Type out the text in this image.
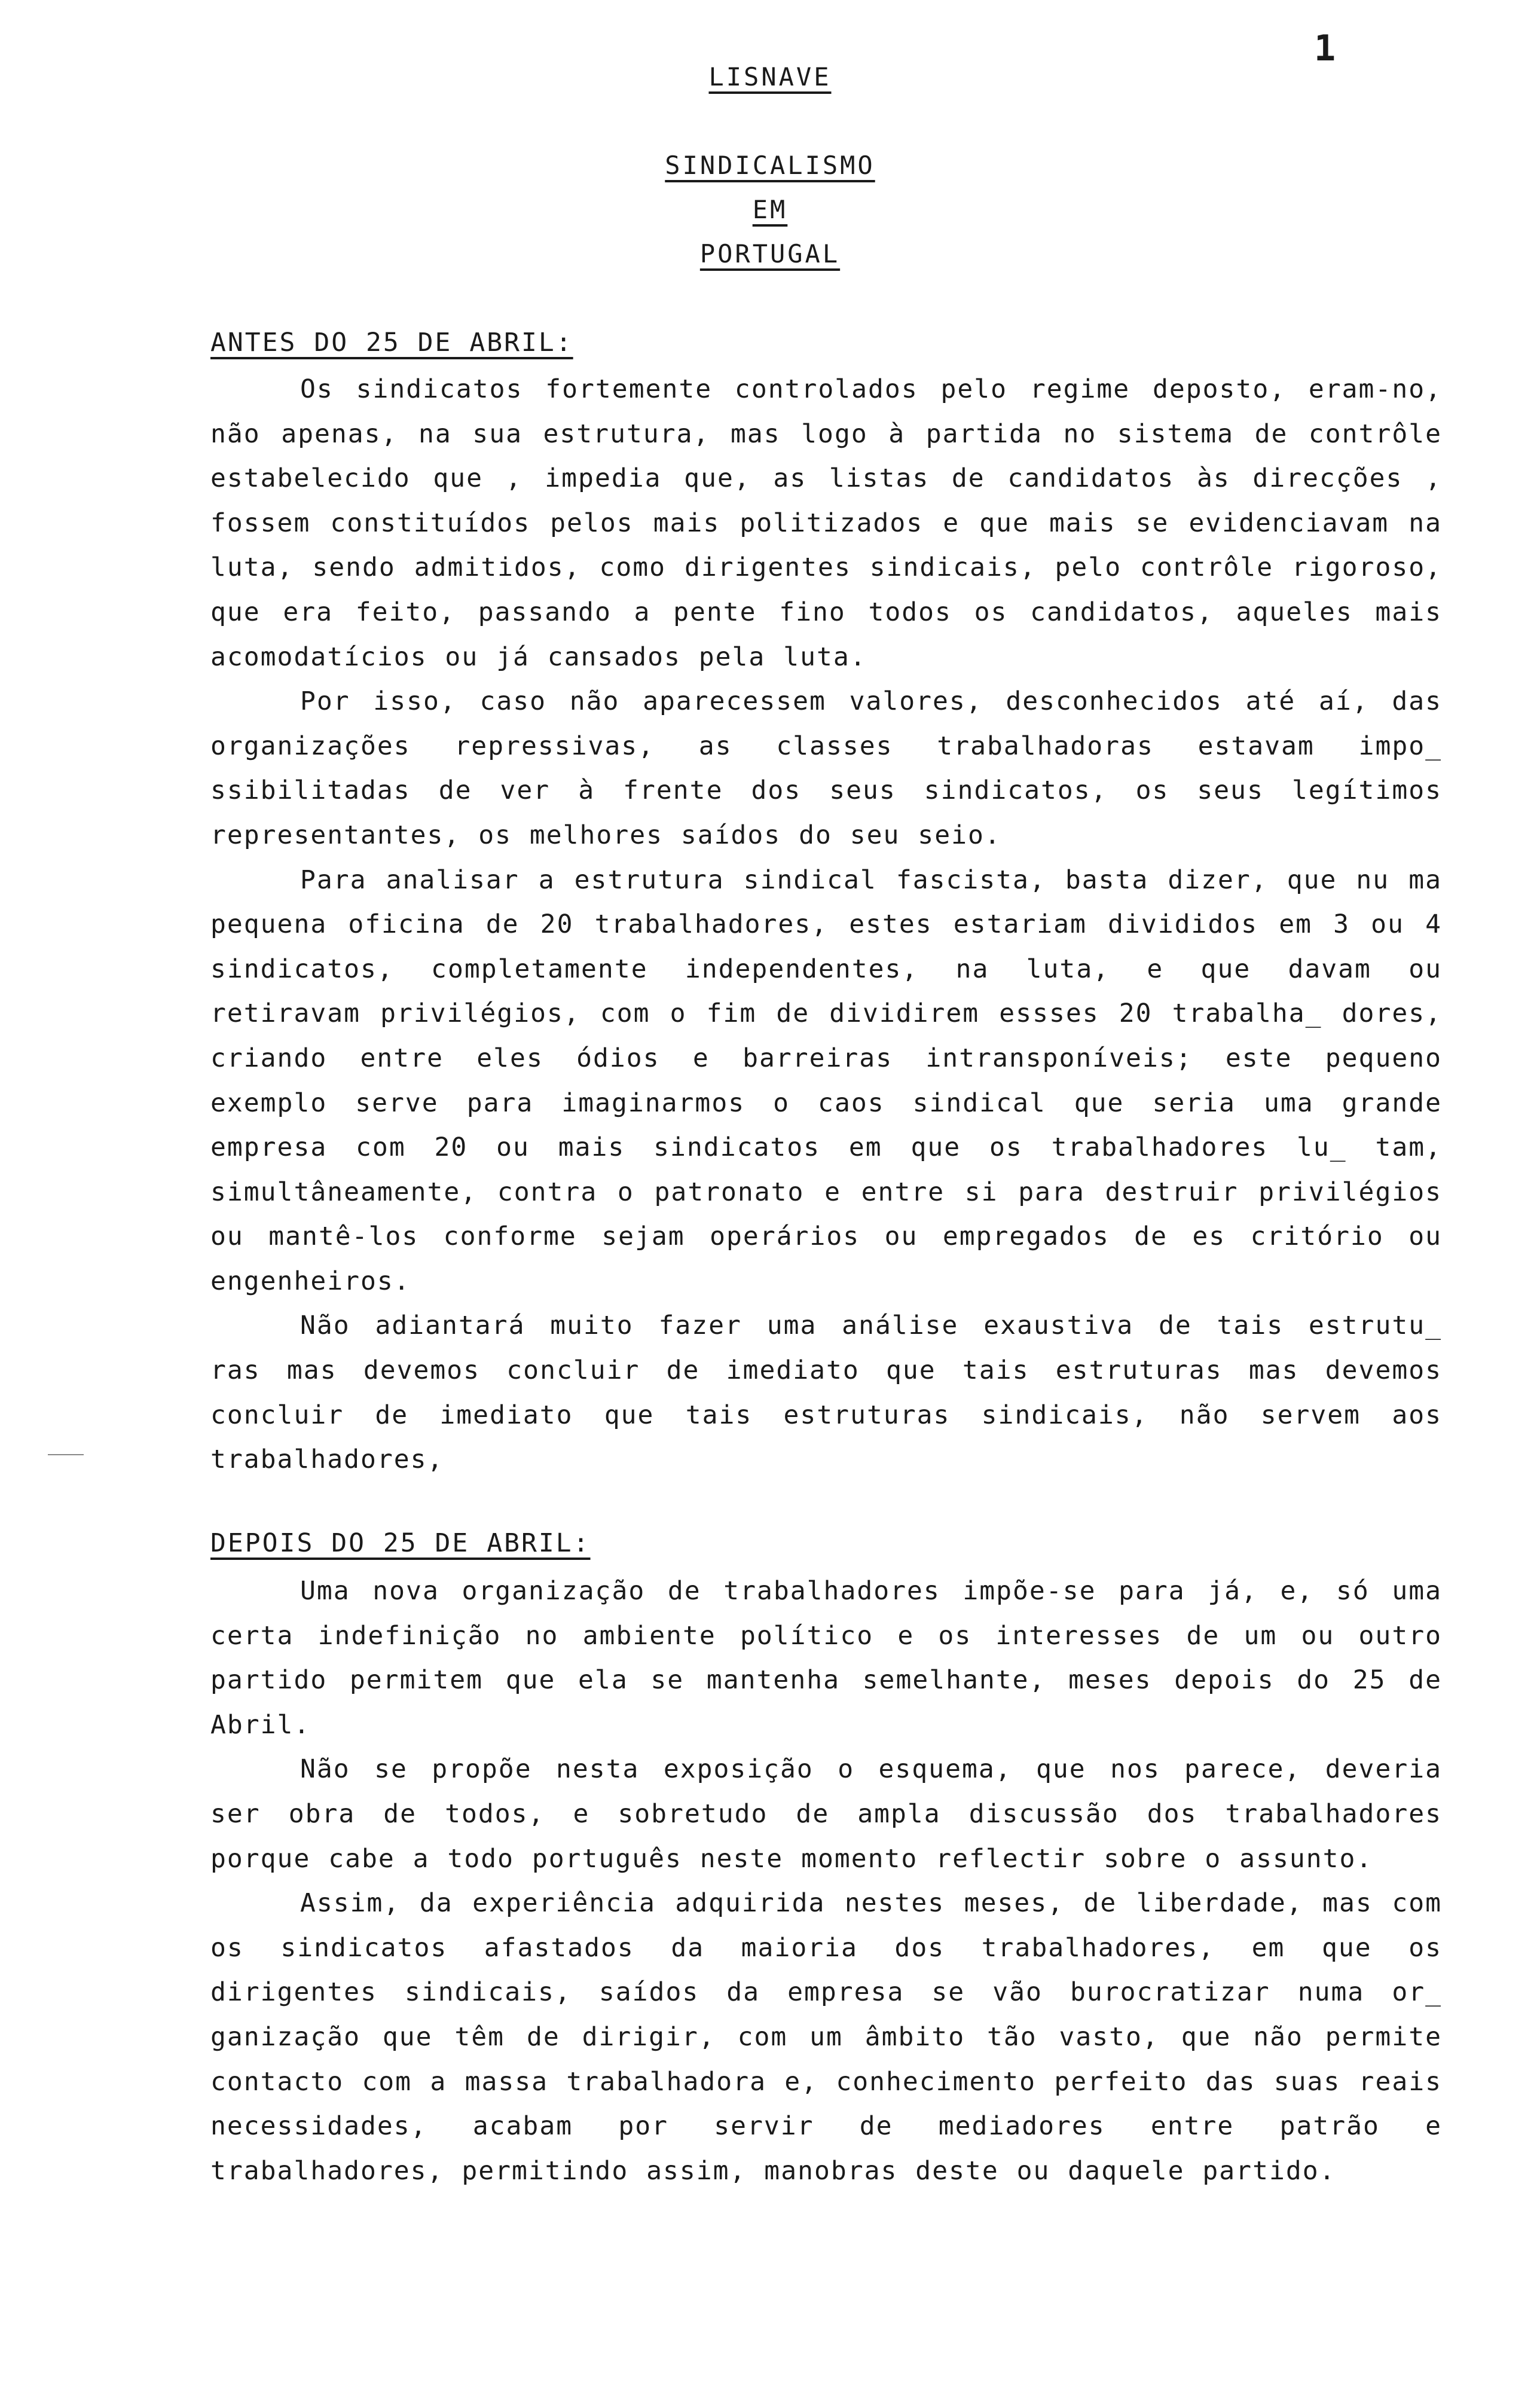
1
LISNAVE
SINDICALISMO
EM
PORTUGAL
ANTES DO 25 DE ABRIL:

Os sindicatos fortemente controlados pelo regime deposto, eram-no, não apenas, na sua estrutura, mas logo à partida no sistema de contrôle estabelecido que , impedia que, as listas de candidatos às direcções , fossem constituídos pelos mais politizados e que mais se evidenciavam na luta, sendo admitidos, como dirigentes sindicais, pelo contrôle rigoroso, que era feito, passando a pente fino todos os candidatos, aqueles mais acomodatícios ou já cansados pela luta.

Por isso, caso não aparecessem valores, desconhecidos até aí, das organizações repressivas, as classes trabalhadoras estavam impo_ ssibilitadas de ver à frente dos seus sindicatos, os seus legítimos representantes, os melhores saídos do seu seio.

Para analisar a estrutura sindical fascista, basta dizer, que nu ma pequena oficina de 20 trabalhadores, estes estariam divididos em 3 ou 4 sindicatos, completamente independentes, na luta, e que davam ou retiravam privilégios, com o fim de dividirem essses 20 trabalha_ dores, criando entre eles ódios e barreiras intransponíveis; este pequeno exemplo serve para imaginarmos o caos sindical que seria uma grande empresa com 20 ou mais sindicatos em que os trabalhadores lu_ tam, simultâneamente, contra o patronato e entre si para destruir privilégios ou mantê-los conforme sejam operários ou empregados de es critório ou engenheiros.

Não adiantará muito fazer uma análise exaustiva de tais estrutu_ ras mas devemos concluir de imediato que tais estruturas mas devemos concluir de imediato que tais estruturas sindicais, não servem aos trabalhadores,

DEPOIS DO 25 DE ABRIL:

Uma nova organização de trabalhadores impõe-se para já, e, só uma certa indefinição no ambiente político e os interesses de um ou outro partido permitem que ela se mantenha semelhante, meses depois do 25 de Abril.

Não se propõe nesta exposição o esquema, que nos parece, deveria ser obra de todos, e sobretudo de ampla discussão dos trabalhadores porque cabe a todo português neste momento reflectir sobre o assunto.

Assim, da experiência adquirida nestes meses, de liberdade, mas com os sindicatos afastados da maioria dos trabalhadores, em que os dirigentes sindicais, saídos da empresa se vão burocratizar numa or_ ganização que têm de dirigir, com um âmbito tão vasto, que não permite contacto com a massa trabalhadora e, conhecimento perfeito das suas reais necessidades, acabam por servir de mediadores entre patrão e trabalhadores, permitindo assim, manobras deste ou daquele partido.
